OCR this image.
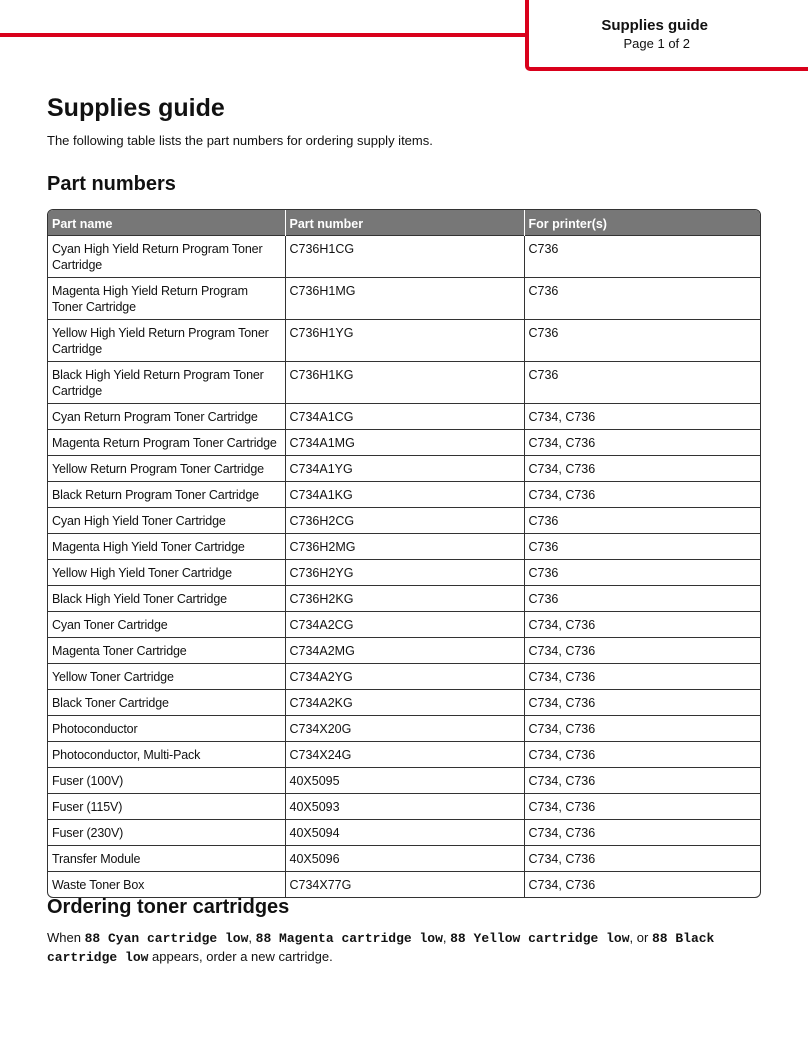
Supplies guide
Page 1 of 2
Supplies guide

The following table lists the part numbers for ordering supply items.

Part numbers
Part name	Part number	For printer(s)
Cyan High Yield Return Program Toner Cartridge	C736H1CG	C736
Magenta High Yield Return Program Toner Cartridge	C736H1MG	C736
Yellow High Yield Return Program Toner Cartridge	C736H1YG	C736
Black High Yield Return Program Toner Cartridge	C736H1KG	C736
Cyan Return Program Toner Cartridge	C734A1CG	C734, C736
Magenta Return Program Toner Cartridge	C734A1MG	C734, C736
Yellow Return Program Toner Cartridge	C734A1YG	C734, C736
Black Return Program Toner Cartridge	C734A1KG	C734, C736
Cyan High Yield Toner Cartridge	C736H2CG	C736
Magenta High Yield Toner Cartridge	C736H2MG	C736
Yellow High Yield Toner Cartridge	C736H2YG	C736
Black High Yield Toner Cartridge	C736H2KG	C736
Cyan Toner Cartridge	C734A2CG	C734, C736
Magenta Toner Cartridge	C734A2MG	C734, C736
Yellow Toner Cartridge	C734A2YG	C734, C736
Black Toner Cartridge	C734A2KG	C734, C736
Photoconductor	C734X20G	C734, C736
Photoconductor, Multi-Pack	C734X24G	C734, C736
Fuser (100V)	40X5095	C734, C736
Fuser (115V)	40X5093	C734, C736
Fuser (230V)	40X5094	C734, C736
Transfer Module	40X5096	C734, C736
Waste Toner Box	C734X77G	C734, C736
Ordering toner cartridges

When 88 Cyan cartridge low, 88 Magenta cartridge low, 88 Yellow cartridge low, or 88 Black cartridge low appears, order a new cartridge.
